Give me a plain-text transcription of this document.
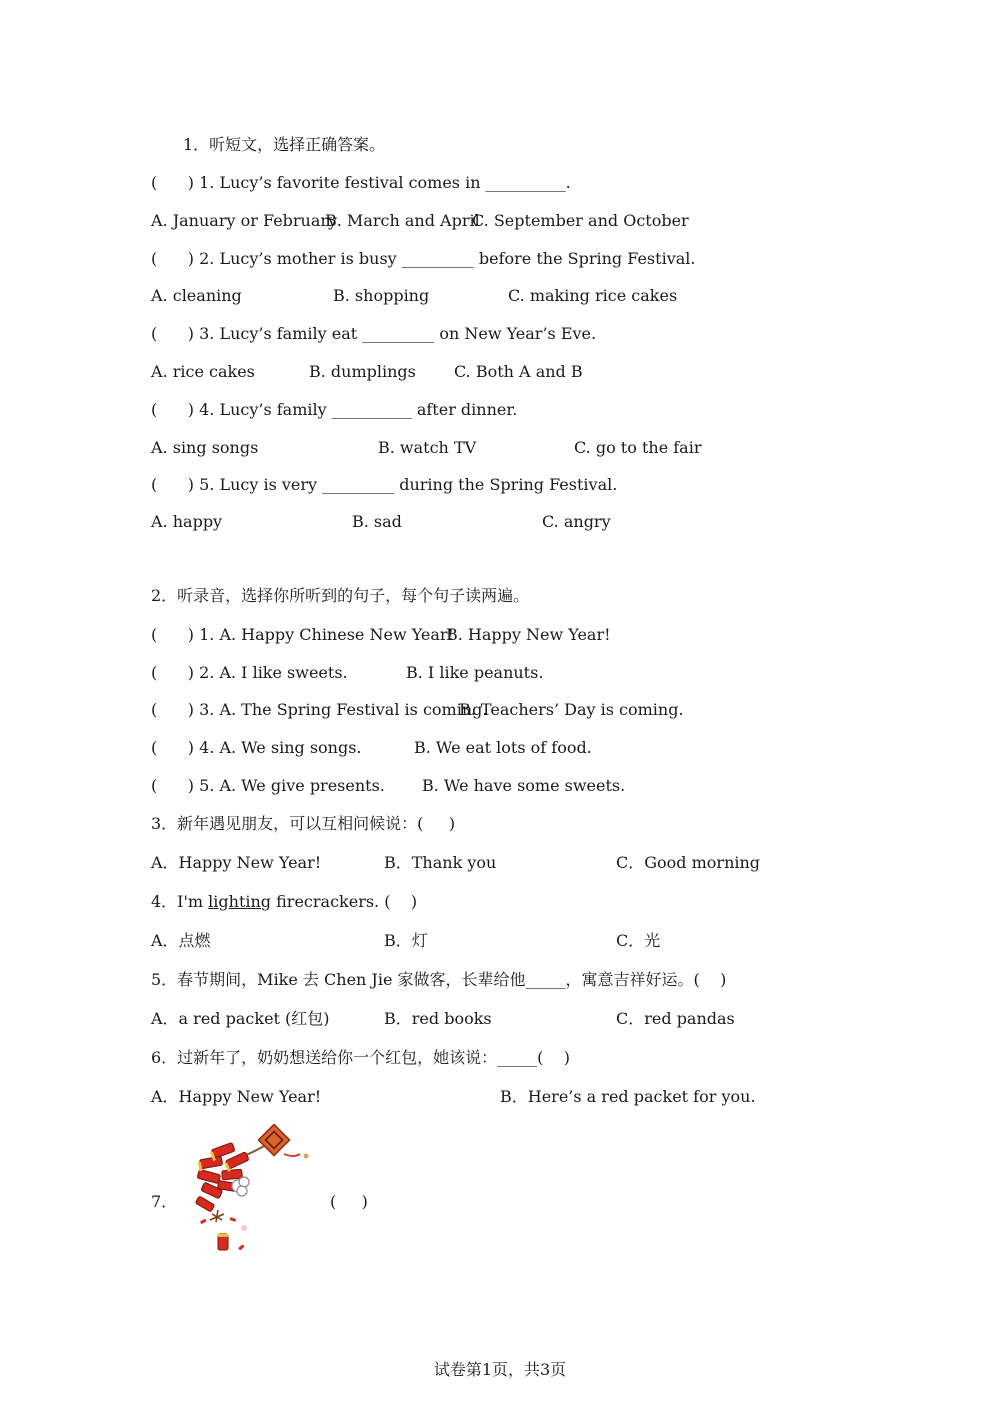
1．听短文，选择正确答案。
(      ) 1. Lucy’s favorite festival comes in __________.
A. January or February
B. March and April
C. September and October
(      ) 2. Lucy’s mother is busy _________ before the Spring Festival.
A. cleaning	B. shopping	C. making rice cakes
(      ) 3. Lucy’s family eat _________ on New Year’s Eve.
A. rice cakes	B. dumplings C. Both A and B
(      ) 4. Lucy’s family __________ after dinner.
A. sing songs	B. watch TV	C. go to the fair
(      ) 5. Lucy is very _________ during the Spring Festival.
A. happy	B. sad	C. angry
2．听录音，选择你所听到的句子，每个句子读两遍。
(      ) 1. A. Happy Chinese New Year!
B. Happy New Year!
(      ) 2. A. I like sweets.	B. I like peanuts.
(      ) 3. A. The Spring Festival is coming.
B. Teachers’ Day is coming.
(      ) 4. A. We sing songs.	B. We eat lots of food.
(      ) 5. A. We give presents. B. We have some sweets.
3．新年遇见朋友，可以互相问候说：(     )
A．Happy New Year!	B．Thank you	C．Good morning
4．I'm lighting firecrackers. (    )
A．点燃	B．灯	C．光
5．春节期间，Mike 去 Chen Jie 家做客，长辈给他_____，寓意吉祥好运。(    )
A．a red packet (红包)	B．red books	C．red pandas
6．过新年了，奶奶想送给你一个红包，她该说：_____(    )
A．Happy New Year!	B．Here’s a red packet for you.
7．	(     )
试卷第1页，共3页
